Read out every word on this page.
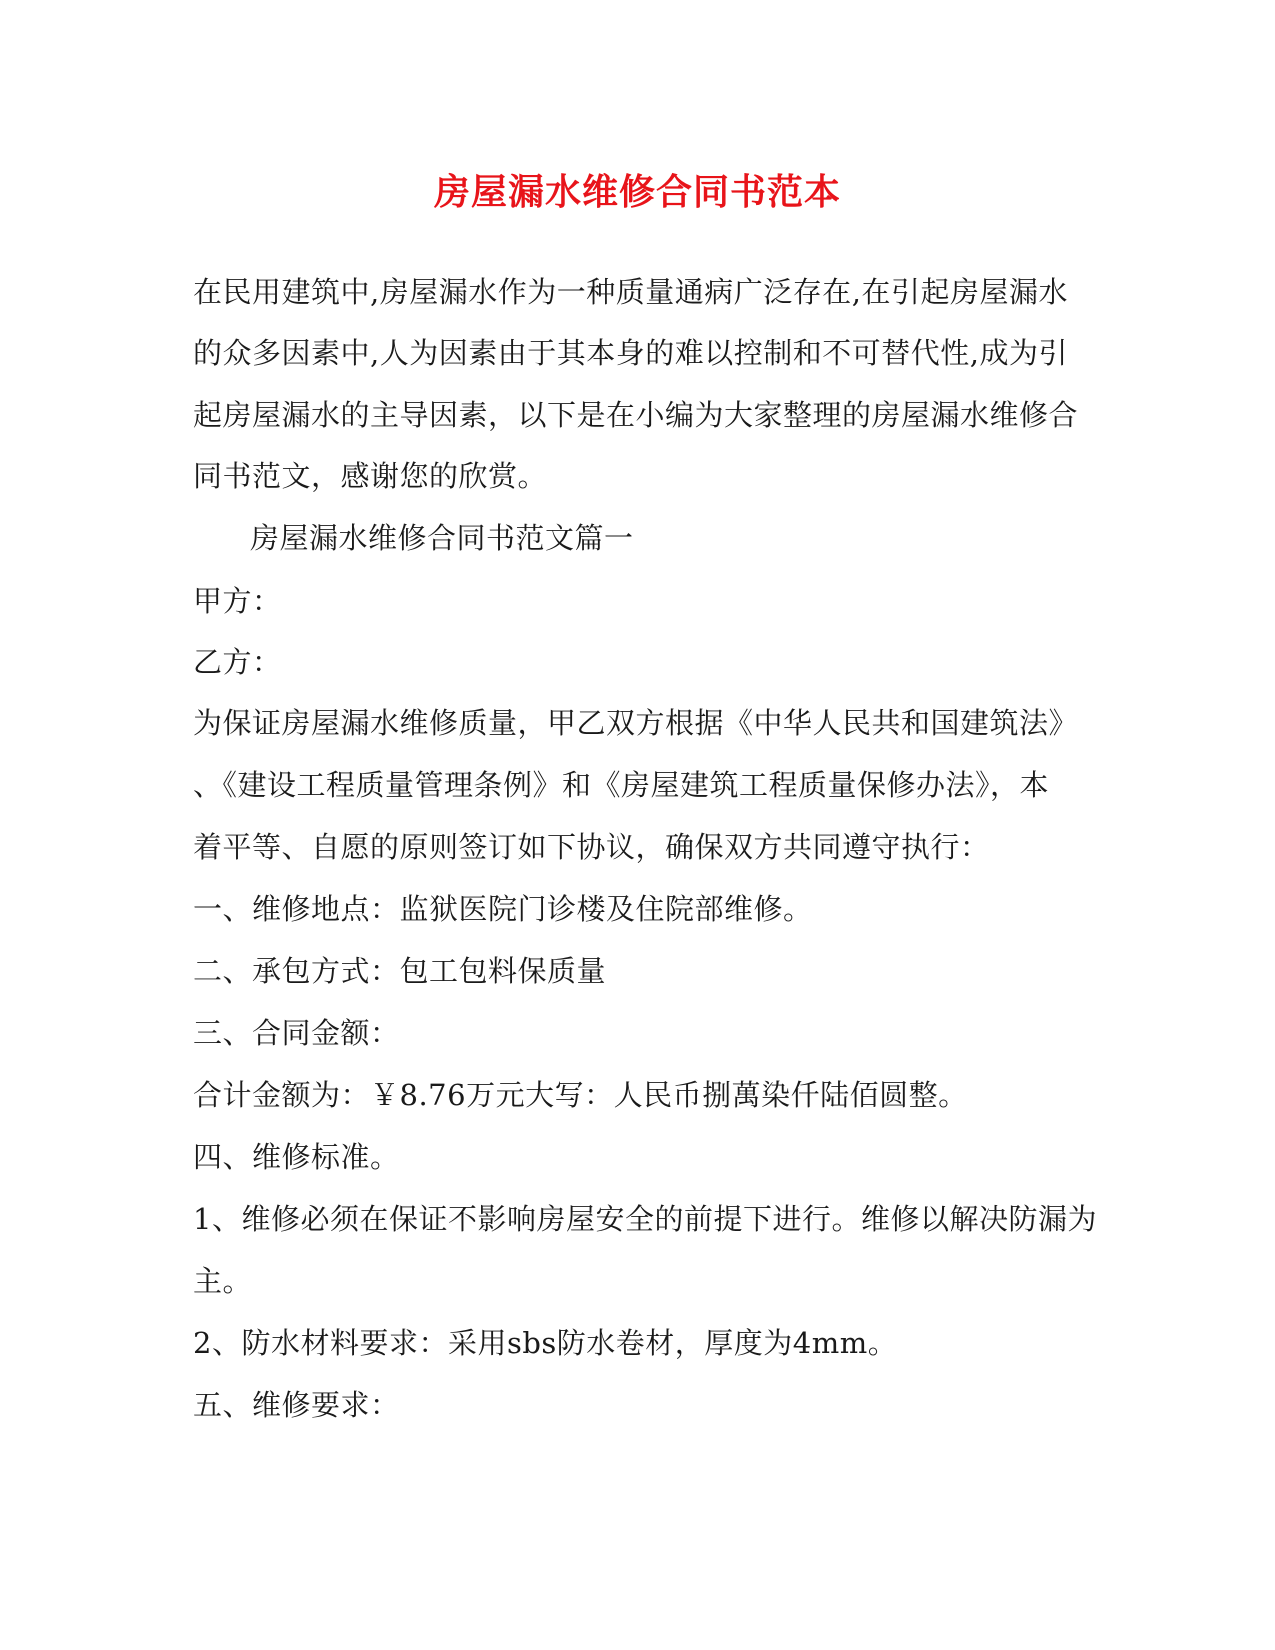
房屋漏水维修合同书范本
在民用建筑中,房屋漏水作为一种质量通病广泛存在,在引起房屋漏水
的众多因素中,人为因素由于其本身的难以控制和不可替代性,成为引
起房屋漏水的主导因素，以下是在小编为大家整理的房屋漏水维修合
同书范文，感谢您的欣赏。
房屋漏水维修合同书范文篇一
甲方：
乙方：
为保证房屋漏水维修质量，甲乙双方根据《中华人民共和国建筑法》
、《建设工程质量管理条例》和《房屋建筑工程质量保修办法》，本
着平等、自愿的原则签订如下协议，确保双方共同遵守执行：
一、维修地点：监狱医院门诊楼及住院部维修。
二、承包方式：包工包料保质量
三、合同金额：
合计金额为：￥8.76万元大写：人民币捌萬染仟陆佰圆整。
四、维修标准。
1、维修必须在保证不影响房屋安全的前提下进行。维修以解决防漏为
主。
2、防水材料要求：采用sbs防水卷材，厚度为4mm。
五、维修要求：
